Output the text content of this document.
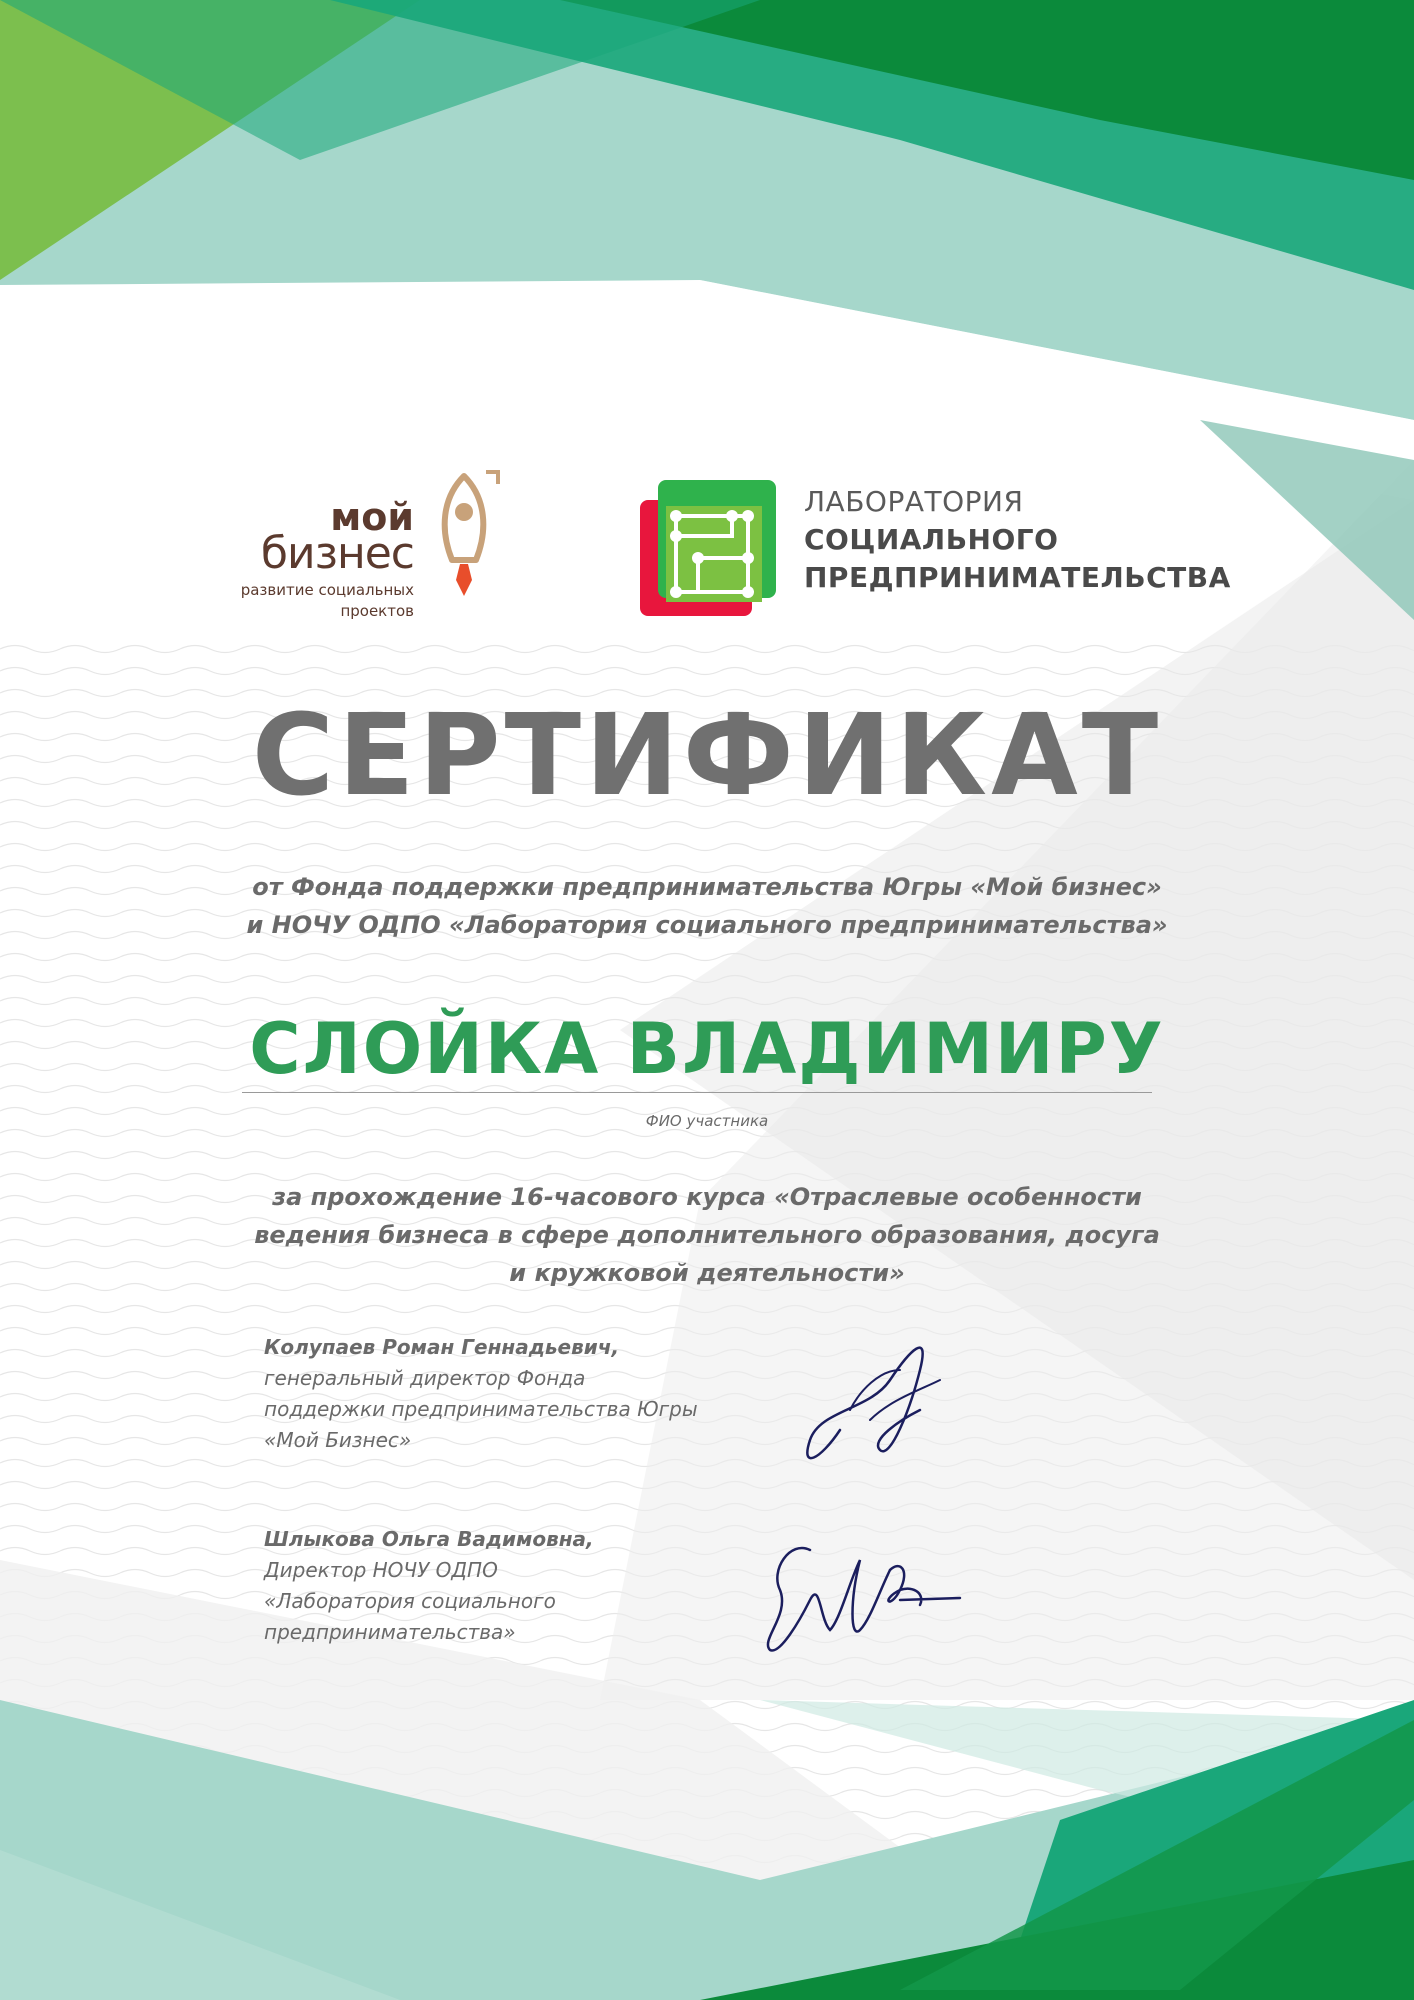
мой
бизнес
развитие социальных
проектов
ЛАБОРАТОРИЯ
СОЦИАЛЬНОГО
ПРЕДПРИНИМАТЕЛЬСТВА
СЕРТИФИКАТ
от Фонда поддержки предпринимательства Югры «Мой бизнес»
и НОЧУ ОДПО «Лаборатория социального предпринимательства»
СЛОЙКА ВЛАДИМИРУ
ФИО участника
за прохождение 16-часового курса «Отраслевые особенности
ведения бизнеса в сфере дополнительного образования, досуга
и кружковой деятельности»
Колупаев Роман Геннадьевич,
генеральный директор Фонда
поддержки предпринимательства Югры
«Мой Бизнес»
Шлыкова Ольга Вадимовна,
Директор НОЧУ ОДПО
«Лаборатория социального
предпринимательства»
